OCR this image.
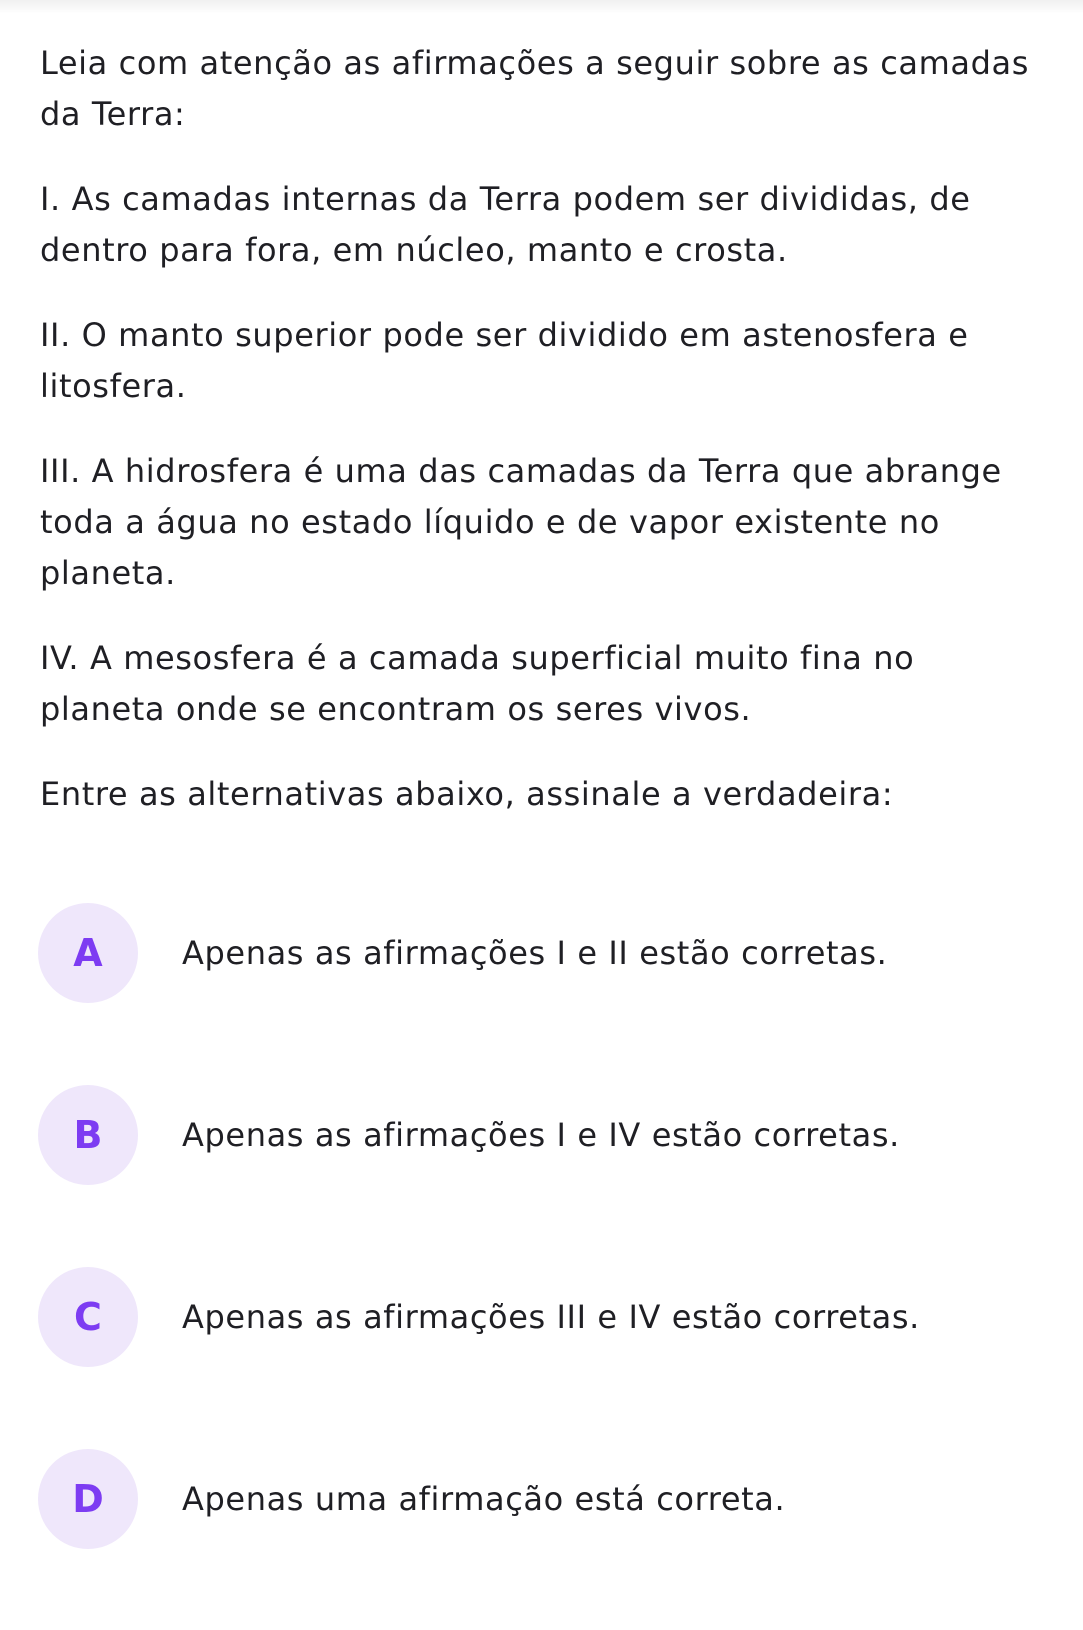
Leia com atenção as afirmações a seguir sobre as camadas da Terra:

I. As camadas internas da Terra podem ser divididas, de dentro para fora, em núcleo, manto e crosta.

II. O manto superior pode ser dividido em astenosfera e litosfera.

III. A hidrosfera é uma das camadas da Terra que abrange toda a água no estado líquido e de vapor existente no planeta.

IV. A mesosfera é a camada superficial muito fina no planeta onde se encontram os seres vivos.

Entre as alternativas abaixo, assinale a verdadeira:

A	Apenas as afirmações I e II estão corretas.
B	Apenas as afirmações I e IV estão corretas.
C	Apenas as afirmações III e IV estão corretas.
D	Apenas uma afirmação está correta.
